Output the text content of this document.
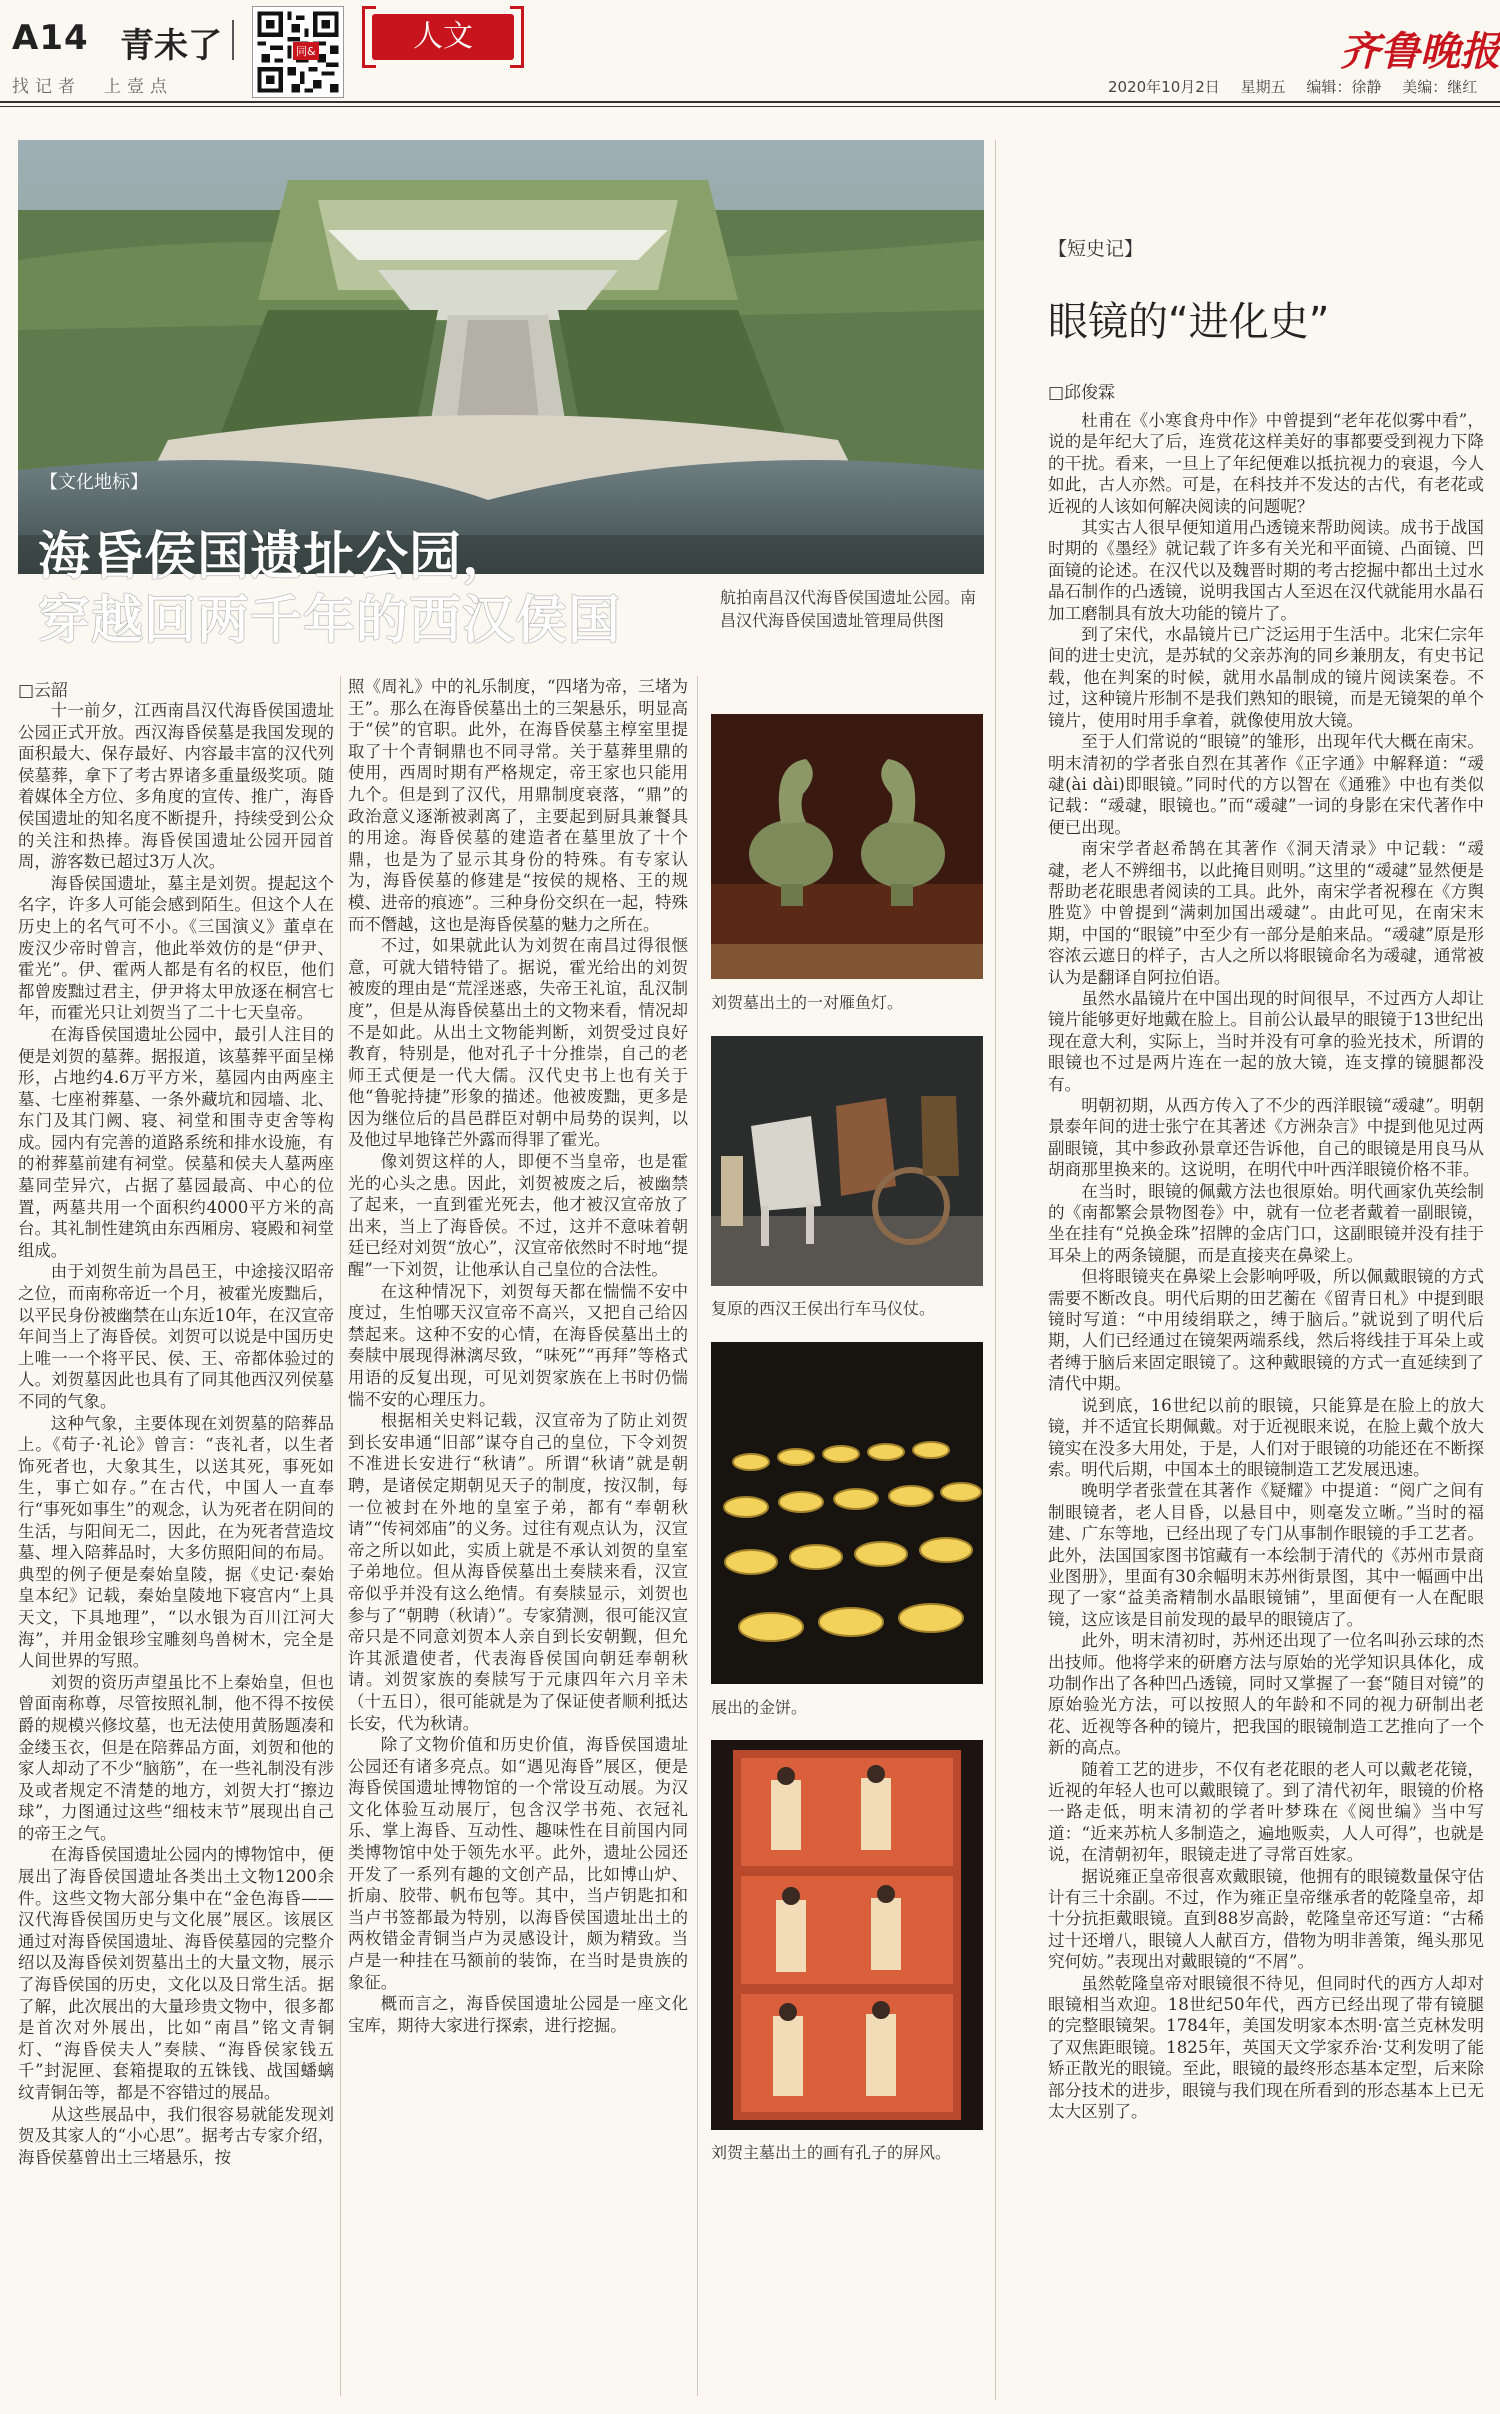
A14 青未了
找记者　上壹点
同&	人文	齐鲁晚报
2020年10月2日 星期五 编辑：徐静 美编：继红
【文化地标】
海昏侯国遗址公园，
穿越回两千年的西汉侯国	航拍南昌汉代海昏侯国遗址公园。南昌汉代海昏侯国遗址管理局供图
□云韶

十一前夕，江西南昌汉代海昏侯国遗址公园正式开放。西汉海昏侯墓是我国发现的面积最大、保存最好、内容最丰富的汉代列侯墓葬，拿下了考古界诸多重量级奖项。随着媒体全方位、多角度的宣传、推广，海昏侯国遗址的知名度不断提升，持续受到公众的关注和热捧。海昏侯国遗址公园开园首周，游客数已超过3万人次。

海昏侯国遗址，墓主是刘贺。提起这个名字，许多人可能会感到陌生。但这个人在历史上的名气可不小。《三国演义》董卓在废汉少帝时曾言，他此举效仿的是“伊尹、霍光”。伊、霍两人都是有名的权臣，他们都曾废黜过君主，伊尹将太甲放逐在桐宫七年，而霍光只让刘贺当了二十七天皇帝。

在海昏侯国遗址公园中，最引人注目的便是刘贺的墓葬。据报道，该墓葬平面呈梯形，占地约4.6万平方米，墓园内由两座主墓、七座祔葬墓、一条外藏坑和园墙、北、东门及其门阙、寝、祠堂和围寺吏舍等构成。园内有完善的道路系统和排水设施，有的祔葬墓前建有祠堂。侯墓和侯夫人墓两座墓同茔异穴，占据了墓园最高、中心的位置，两墓共用一个面积约4000平方米的高台。其礼制性建筑由东西厢房、寝殿和祠堂组成。

由于刘贺生前为昌邑王，中途接汉昭帝之位，而南称帝近一个月，被霍光废黜后，以平民身份被幽禁在山东近10年，在汉宣帝年间当上了海昏侯。刘贺可以说是中国历史上唯一一个将平民、侯、王、帝都体验过的人。刘贺墓因此也具有了同其他西汉列侯墓不同的气象。

这种气象，主要体现在刘贺墓的陪葬品上。《荀子·礼论》曾言：“丧礼者，以生者饰死者也，大象其生，以送其死，事死如生，事亡如存。”在古代，中国人一直奉行“事死如事生”的观念，认为死者在阴间的生活，与阳间无二，因此，在为死者营造坟墓、埋入陪葬品时，大多仿照阳间的布局。典型的例子便是秦始皇陵，据《史记·秦始皇本纪》记载，秦始皇陵地下寝宫内“上具天文，下具地理”，“以水银为百川江河大海”，并用金银珍宝雕刻鸟兽树木，完全是人间世界的写照。

刘贺的资历声望虽比不上秦始皇，但也曾面南称尊，尽管按照礼制，他不得不按侯爵的规模兴修坟墓，也无法使用黄肠题凑和金缕玉衣，但是在陪葬品方面，刘贺和他的家人却动了不少“脑筋”，在一些礼制没有涉及或者规定不清楚的地方，刘贺大打“擦边球”，力图通过这些“细枝末节”展现出自己的帝王之气。

在海昏侯国遗址公园内的博物馆中，便展出了海昏侯国遗址各类出土文物1200余件。这些文物大部分集中在“金色海昏——汉代海昏侯国历史与文化展”展区。该展区通过对海昏侯国遗址、海昏侯墓园的完整介绍以及海昏侯刘贺墓出土的大量文物，展示了海昏侯国的历史，文化以及日常生活。据了解，此次展出的大量珍贵文物中，很多都是首次对外展出，比如“南昌”铭文青铜灯、“海昏侯夫人”奏牍、“海昏侯家钱五千”封泥匣、套箱提取的五铢钱、战国蟠螭纹青铜缶等，都是不容错过的展品。

从这些展品中，我们很容易就能发现刘贺及其家人的“小心思”。据考古专家介绍，海昏侯墓曾出土三堵悬乐，按

照《周礼》中的礼乐制度，“四堵为帝，三堵为王”。那么在海昏侯墓出土的三架悬乐，明显高于“侯”的官职。此外，在海昏侯墓主椁室里提取了十个青铜鼎也不同寻常。关于墓葬里鼎的使用，西周时期有严格规定，帝王家也只能用九个。但是到了汉代，用鼎制度衰落，“鼎”的政治意义逐渐被剥离了，主要起到厨具兼餐具的用途。海昏侯墓的建造者在墓里放了十个鼎，也是为了显示其身份的特殊。有专家认为，海昏侯墓的修建是“按侯的规格、王的规模、进帝的痕迹”。三种身份交织在一起，特殊而不僭越，这也是海昏侯墓的魅力之所在。

不过，如果就此认为刘贺在南昌过得很惬意，可就大错特错了。据说，霍光给出的刘贺被废的理由是“荒淫迷惑，失帝王礼谊，乱汉制度”，但是从海昏侯墓出土的文物来看，情况却不是如此。从出土文物能判断，刘贺受过良好教育，特别是，他对孔子十分推崇，自己的老师王式便是一代大儒。汉代史书上也有关于他“鲁驼持捷”形象的描述。他被废黜，更多是因为继位后的昌邑群臣对朝中局势的误判，以及他过早地锋芒外露而得罪了霍光。

像刘贺这样的人，即便不当皇帝，也是霍光的心头之患。因此，刘贺被废之后，被幽禁了起来，一直到霍光死去，他才被汉宣帝放了出来，当上了海昏侯。不过，这并不意味着朝廷已经对刘贺“放心”，汉宣帝依然时不时地“提醒”一下刘贺，让他承认自己皇位的合法性。

在这种情况下，刘贺每天都在惴惴不安中度过，生怕哪天汉宣帝不高兴，又把自己给囚禁起来。这种不安的心情，在海昏侯墓出土的奏牍中展现得淋漓尽致，“味死”“再拜”等格式用语的反复出现，可见刘贺家族在上书时仍惴惴不安的心理压力。

根据相关史料记载，汉宣帝为了防止刘贺到长安串通“旧部”谋夺自己的皇位，下令刘贺不准进长安进行“秋请”。所谓“秋请”就是朝聘，是诸侯定期朝见天子的制度，按汉制，每一位被封在外地的皇室子弟，都有“奉朝秋请”“传祠郊庙”的义务。过往有观点认为，汉宣帝之所以如此，实质上就是不承认刘贺的皇室子弟地位。但从海昏侯墓出土奏牍来看，汉宣帝似乎并没有这么绝情。有奏牍显示，刘贺也参与了“朝聘（秋请）”。专家猜测，很可能汉宣帝只是不同意刘贺本人亲自到长安朝觐，但允许其派遣使者，代表海昏侯国向朝廷奉朝秋请。刘贺家族的奏牍写于元康四年六月辛未（十五日），很可能就是为了保证使者顺利抵达长安，代为秋请。

除了文物价值和历史价值，海昏侯国遗址公园还有诸多亮点。如“遇见海昏”展区，便是海昏侯国遗址博物馆的一个常设互动展。为汉文化体验互动展厅，包含汉学书苑、衣冠礼乐、掌上海昏、互动性、趣味性在目前国内同类博物馆中处于领先水平。此外，遗址公园还开发了一系列有趣的文创产品，比如博山炉、折扇、胶带、帆布包等。其中，当卢钥匙扣和当卢书签都最为特别，以海昏侯国遗址出土的两枚错金青铜当卢为灵感设计，颇为精致。当卢是一种挂在马额前的装饰，在当时是贵族的象征。

概而言之，海昏侯国遗址公园是一座文化宝库，期待大家进行探索，进行挖掘。

刘贺墓出土的一对雁鱼灯。
复原的西汉王侯出行车马仪仗。
展出的金饼。
刘贺主墓出土的画有孔子的屏风。
【短史记】
眼镜的“进化史”
□邱俊霖

杜甫在《小寒食舟中作》中曾提到“老年花似雾中看”，说的是年纪大了后，连赏花这样美好的事都要受到视力下降的干扰。看来，一旦上了年纪便难以抵抗视力的衰退，今人如此，古人亦然。可是，在科技并不发达的古代，有老花或近视的人该如何解决阅读的问题呢？

其实古人很早便知道用凸透镜来帮助阅读。成书于战国时期的《墨经》就记载了许多有关光和平面镜、凸面镜、凹面镜的论述。在汉代以及魏晋时期的考古挖掘中都出土过水晶石制作的凸透镜，说明我国古人至迟在汉代就能用水晶石加工磨制具有放大功能的镜片了。

到了宋代，水晶镜片已广泛运用于生活中。北宋仁宗年间的进士史沆，是苏轼的父亲苏洵的同乡兼朋友，有史书记载，他在判案的时候，就用水晶制成的镜片阅读案卷。不过，这种镜片形制不是我们熟知的眼镜，而是无镜架的单个镜片，使用时用手拿着，就像使用放大镜。

至于人们常说的“眼镜”的雏形，出现年代大概在南宋。明末清初的学者张自烈在其著作《正字通》中解释道：“叆叇(ài dài)即眼镜。”同时代的方以智在《通雅》中也有类似记载：“叆叇，眼镜也。”而“叆叇”一词的身影在宋代著作中便已出现。

南宋学者赵希鹄在其著作《洞天清录》中记载：“叆叇，老人不辨细书，以此掩目则明。”这里的“叆叇”显然便是帮助老花眼患者阅读的工具。此外，南宋学者祝穆在《方舆胜览》中曾提到“满刺加国出叆叇”。由此可见，在南宋末期，中国的“眼镜”中至少有一部分是舶来品。“叆叇”原是形容浓云遮日的样子，古人之所以将眼镜命名为叆叇，通常被认为是翻译自阿拉伯语。

虽然水晶镜片在中国出现的时间很早，不过西方人却让镜片能够更好地戴在脸上。目前公认最早的眼镜于13世纪出现在意大利，实际上，当时并没有可拿的验光技术，所谓的眼镜也不过是两片连在一起的放大镜，连支撑的镜腿都没有。

明朝初期，从西方传入了不少的西洋眼镜“叆叇”。明朝景泰年间的进士张宁在其著述《方洲杂言》中提到他见过两副眼镜，其中参政孙景章还告诉他，自己的眼镜是用良马从胡商那里换来的。这说明，在明代中叶西洋眼镜价格不菲。

在当时，眼镜的佩戴方法也很原始。明代画家仇英绘制的《南都繁会景物图卷》中，就有一位老者戴着一副眼镜，坐在挂有“兑换金珠”招牌的金店门口，这副眼镜并没有挂于耳朵上的两条镜腿，而是直接夹在鼻梁上。

但将眼镜夹在鼻梁上会影响呼吸，所以佩戴眼镜的方式需要不断改良。明代后期的田艺蘅在《留青日札》中提到眼镜时写道：“中用绫绢联之，缚于脑后。”就说到了明代后期，人们已经通过在镜架两端系线，然后将线挂于耳朵上或者缚于脑后来固定眼镜了。这种戴眼镜的方式一直延续到了清代中期。

说到底，16世纪以前的眼镜，只能算是在脸上的放大镜，并不适宜长期佩戴。对于近视眼来说，在脸上戴个放大镜实在没多大用处，于是，人们对于眼镜的功能还在不断探索。明代后期，中国本土的眼镜制造工艺发展迅速。

晚明学者张萱在其著作《疑耀》中提道：“阅广之间有制眼镜者，老人目昏，以悬目中，则毫发立晰。”当时的福建、广东等地，已经出现了专门从事制作眼镜的手工艺者。此外，法国国家图书馆藏有一本绘制于清代的《苏州市景商业图册》，里面有30余幅明末苏州街景图，其中一幅画中出现了一家“益美斋精制水晶眼镜铺”，里面便有一人在配眼镜，这应该是目前发现的最早的眼镜店了。

此外，明末清初时，苏州还出现了一位名叫孙云球的杰出技师。他将学来的研磨方法与原始的光学知识具体化，成功制作出了各种凹凸透镜，同时又掌握了一套“随目对镜”的原始验光方法，可以按照人的年龄和不同的视力研制出老花、近视等各种的镜片，把我国的眼镜制造工艺推向了一个新的高点。

随着工艺的进步，不仅有老花眼的老人可以戴老花镜，近视的年轻人也可以戴眼镜了。到了清代初年，眼镜的价格一路走低，明末清初的学者叶梦珠在《阅世编》当中写道：“近来苏杭人多制造之，遍地贩卖，人人可得”，也就是说，在清朝初年，眼镜走进了寻常百姓家。

据说雍正皇帝很喜欢戴眼镜，他拥有的眼镜数量保守估计有三十余副。不过，作为雍正皇帝继承者的乾隆皇帝，却十分抗拒戴眼镜。直到88岁高龄，乾隆皇帝还写道：“古稀过十还增八，眼镜人人献百方，借物为明非善策，绳头那见究何妨。”表现出对戴眼镜的“不屑”。

虽然乾隆皇帝对眼镜很不待见，但同时代的西方人却对眼镜相当欢迎。18世纪50年代，西方已经出现了带有镜腿的完整眼镜架。1784年，美国发明家本杰明·富兰克林发明了双焦距眼镜。1825年，英国天文学家乔治·艾利发明了能矫正散光的眼镜。至此，眼镜的最终形态基本定型，后来除部分技术的进步，眼镜与我们现在所看到的形态基本上已无太大区别了。
